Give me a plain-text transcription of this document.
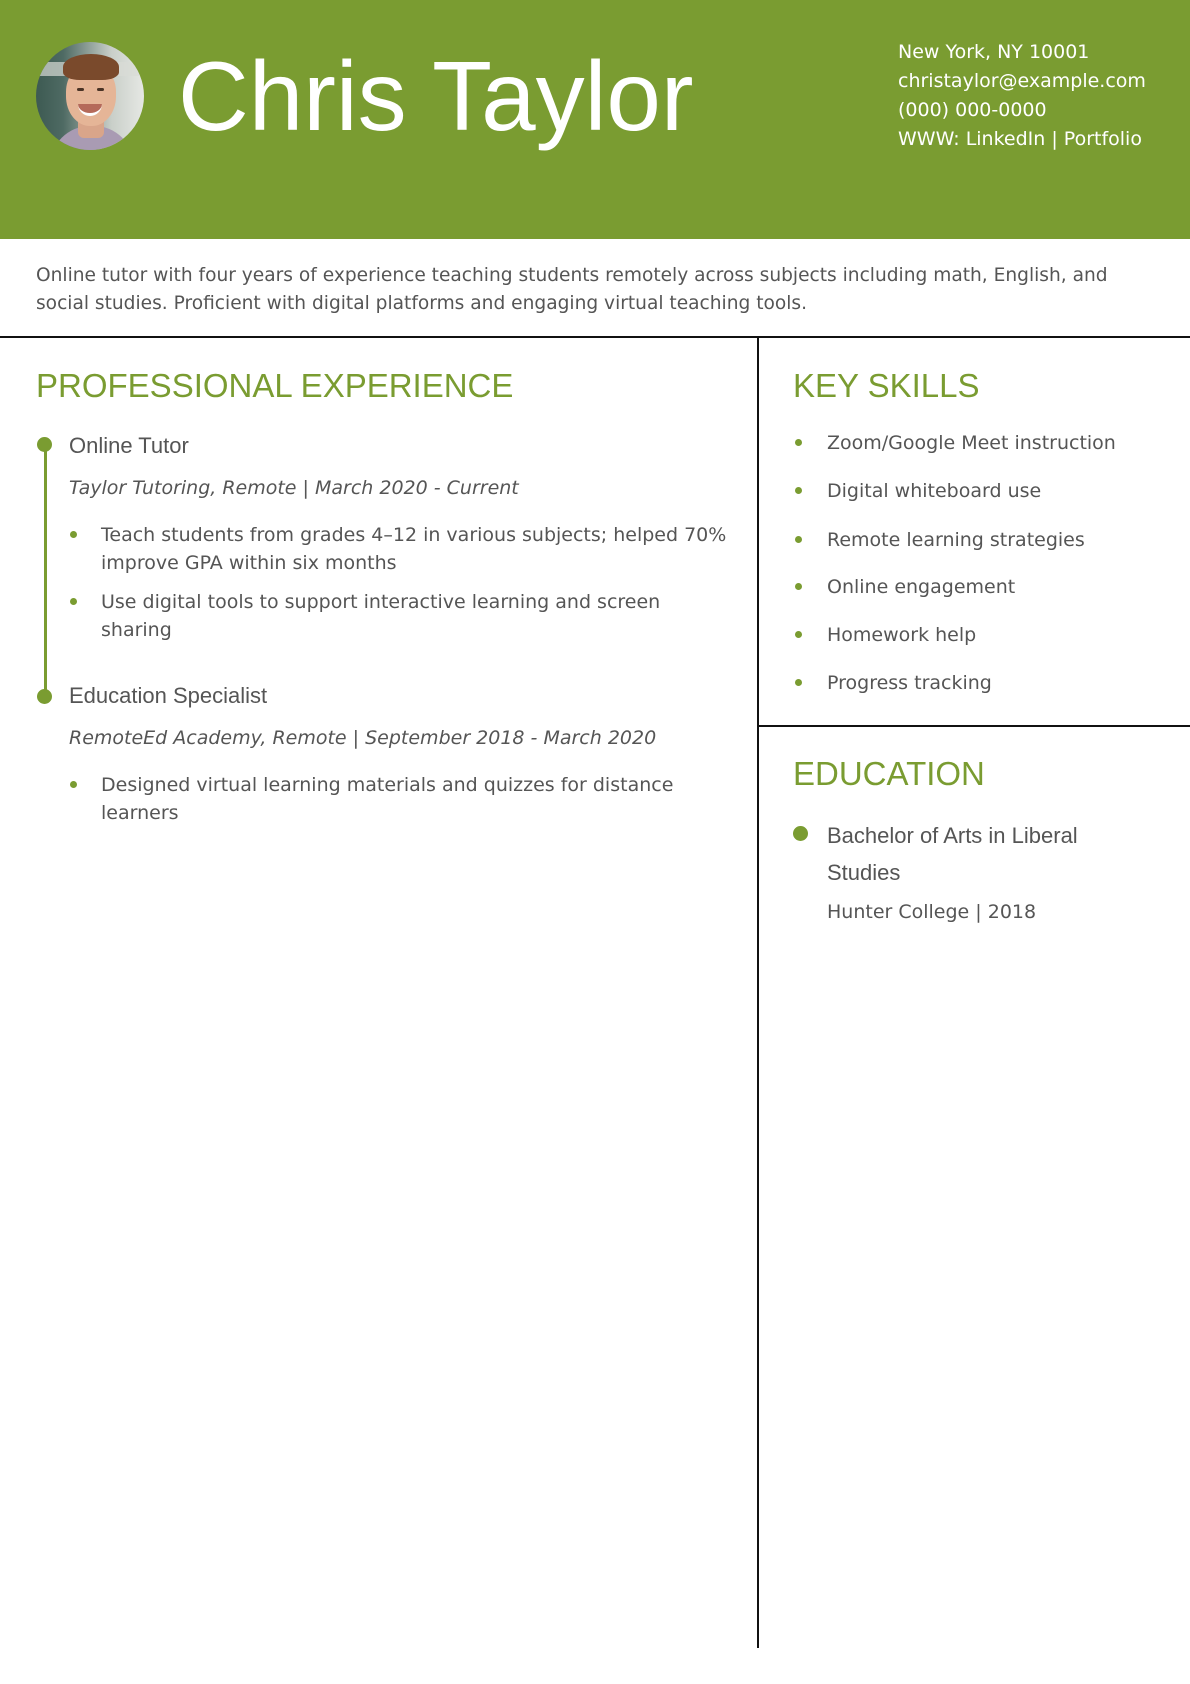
Chris Taylor	New York, NY 10001
christaylor@example.com
(000) 000-0000
WWW: LinkedIn | Portfolio
Online tutor with four years of experience teaching students remotely across subjects including math, English, and social studies. Proficient with digital platforms and engaging virtual teaching tools.
PROFESSIONAL EXPERIENCE
Online Tutor
Taylor Tutoring, Remote | March 2020 - Current
Teach students from grades 4–12 in various subjects; helped 70% improve GPA within six months
Use digital tools to support interactive learning and screen sharing
Education Specialist
RemoteEd Academy, Remote | September 2018 - March 2020
Designed virtual learning materials and quizzes for distance learners
KEY SKILLS
Zoom/Google Meet instruction
Digital whiteboard use
Remote learning strategies
Online engagement
Homework help
Progress tracking
EDUCATION
Bachelor of Arts in Liberal Studies
Hunter College | 2018
